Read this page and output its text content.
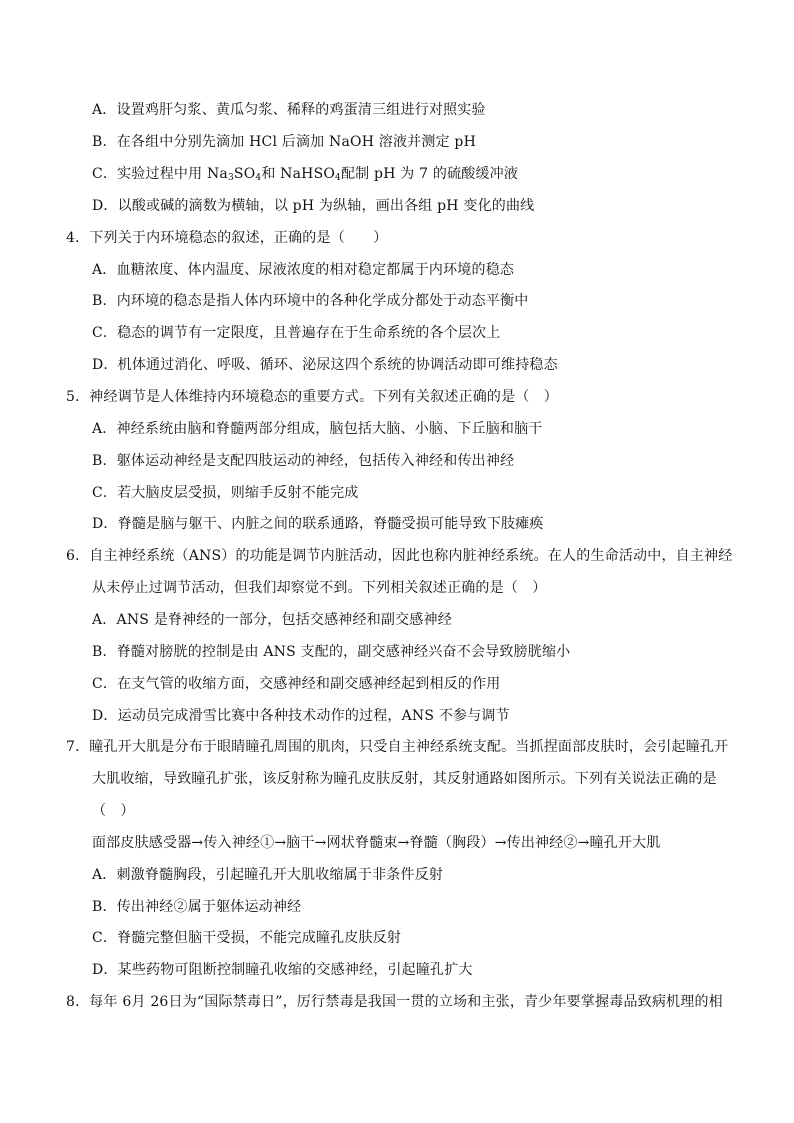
A．设置鸡肝匀浆、黄瓜匀浆、稀释的鸡蛋清三组进行对照实验
B．在各组中分别先滴加 HCl 后滴加 NaOH 溶液并测定 pH
C．实验过程中用 $Na_3SO_4$和 NaHSO$_4$配制 pH 为 7 的硫酸缓冲液
D．以酸或碱的滴数为横轴，以 pH 为纵轴，画出各组 pH 变化的曲线
4．下列关于内环境稳态的叙述，正确的是（　　）
A．血糖浓度、体内温度、尿液浓度的相对稳定都属于内环境的稳态
B．内环境的稳态是指人体内环境中的各种化学成分都处于动态平衡中
C．稳态的调节有一定限度，且普遍存在于生命系统的各个层次上
D．机体通过消化、呼吸、循环、泌尿这四个系统的协调活动即可维持稳态
5．神经调节是人体维持内环境稳态的重要方式。下列有关叙述正确的是（　）
A．神经系统由脑和脊髓两部分组成，脑包括大脑、小脑、下丘脑和脑干
B．躯体运动神经是支配四肢运动的神经，包括传入神经和传出神经
C．若大脑皮层受损，则缩手反射不能完成
D．脊髓是脑与躯干、内脏之间的联系通路，脊髓受损可能导致下肢瘫痪
6．自主神经系统（ANS）的功能是调节内脏活动，因此也称内脏神经系统。在人的生命活动中，自主神经
从未停止过调节活动，但我们却察觉不到。下列相关叙述正确的是（　）
A．ANS 是脊神经的一部分，包括交感神经和副交感神经
B．脊髓对膀胱的控制是由 ANS 支配的，副交感神经兴奋不会导致膀胱缩小
C．在支气管的收缩方面，交感神经和副交感神经起到相反的作用
D．运动员完成滑雪比赛中各种技术动作的过程，ANS 不参与调节
7．瞳孔开大肌是分布于眼睛瞳孔周围的肌肉，只受自主神经系统支配。当抓捏面部皮肤时，会引起瞳孔开
大肌收缩，导致瞳孔扩张，该反射称为瞳孔皮肤反射，其反射通路如图所示。下列有关说法正确的是
（　）
面部皮肤感受器→传入神经①→脑干→网状脊髓束→脊髓（胸段）→传出神经②→瞳孔开大肌
A．刺激脊髓胸段，引起瞳孔开大肌收缩属于非条件反射
B．传出神经②属于躯体运动神经
C．脊髓完整但脑干受损，不能完成瞳孔皮肤反射
D．某些药物可阻断控制瞳孔收缩的交感神经，引起瞳孔扩大
8．每年 6月 26日为“国际禁毒日”，厉行禁毒是我国一贯的立场和主张，青少年要掌握毒品致病机理的相
